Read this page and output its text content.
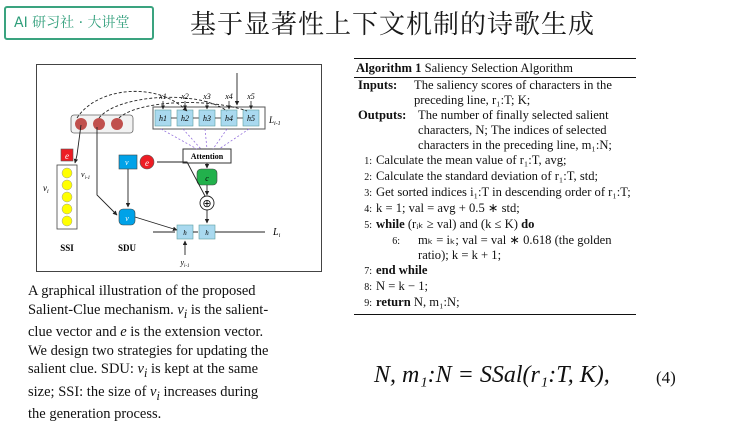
AI 研习社 · 大讲堂	基于显著性上下文机制的诗歌生成
h1 h2 h3 h4 h5 $L_{i-1}$
x1 x2 x3 x4 x5
Attention
e
$v_i$
$v_{i-1}$
SSI
v e
v
SDU
c
⊕
h	h
$y_{i-1}$
$L_i$
A graphical illustration of the proposed
Salient-Clue mechanism. $v_i$ is the salient-
clue vector and e is the extension vector.
We design two strategies for updating the
salient clue. SDU: $v_i$ is kept at the same
size; SSI: the size of $v_i$ increases during
the generation process.
Algorithm 1 Saliency Selection Algorithm
Inputs:	The saliency scores of characters in the preceding line, r₁:T; K;
Outputs: The number of finally selected salient characters, N; The indices of selected characters in the preceding line, m₁:N;
1: Calculate the mean value of r₁:T, avg;
2: Calculate the standard deviation of r₁:T, std;
3: Get sorted indices i₁:T in descending order of r₁:T;
4: k = 1; val = avg + 0.5 ∗ std;
5: while (rᵢₖ ≥ val) and (k ≤ K) do
6:	mₖ = iₖ; val = val ∗ 0.618 (the golden ratio); k = k + 1;
7: end while
8: N = k − 1;
9: return N, m₁:N;
N, m₁:N = SSal(r₁:T, K),	(4)
